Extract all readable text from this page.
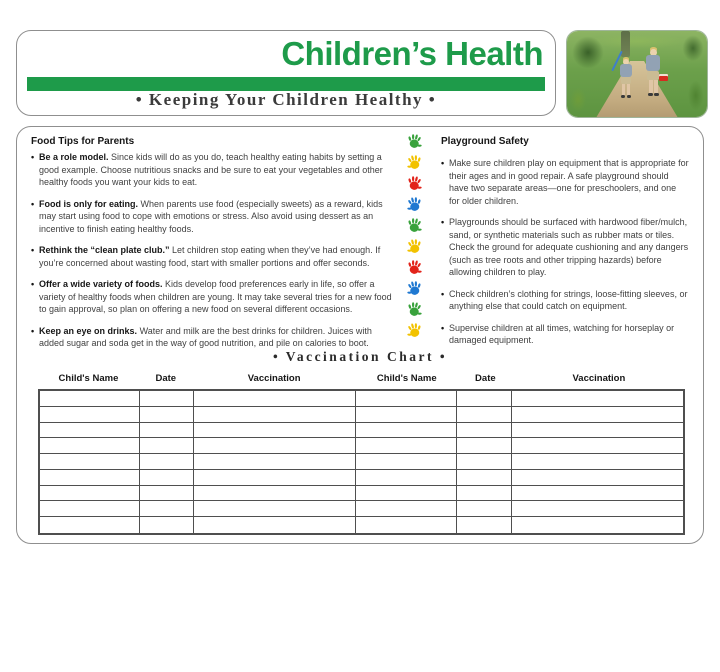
Children’s Health
• Keeping Your Children Healthy •
Food Tips for Parents
• Be a role model. Since kids will do as you do, teach healthy eating habits by setting a good example. Choose nutritious snacks and be sure to eat your vegetables and other healthy foods you want your kids to eat.
• Food is only for eating. When parents use food (especially sweets) as a reward, kids may start using food to cope with emotions or stress. Also avoid using dessert as an incentive to finish eating healthy foods.
• Rethink the “clean plate club.” Let children stop eating when they’ve had enough. If you’re concerned about wasting food, start with smaller portions and offer seconds.
• Offer a wide variety of foods. Kids develop food preferences early in life, so offer a variety of healthy foods when children are young. It may take several tries for a new food to gain approval, so plan on offering a new food on several different occasions.
• Keep an eye on drinks. Water and milk are the best drinks for children. Juices with added sugar and soda get in the way of good nutrition, and pile on calories to boot.
Playground Safety
• Make sure children play on equipment that is appropriate for their ages and in good repair. A safe playground should have two separate areas—one for preschoolers, and one for older children.
• Playgrounds should be surfaced with hardwood fiber/mulch, sand, or synthetic materials such as rubber mats or tiles. Check the ground for adequate cushioning and any dangers (such as tree roots and other tripping hazards) before allowing children to play.
• Check children’s clothing for strings, loose-fitting sleeves, or anything else that could catch on equipment.
• Supervise children at all times, watching for horseplay or damaged equipment.
• Vaccination Chart •
Child's Name	Date	Vaccination	Child's Name	Date	Vaccination
